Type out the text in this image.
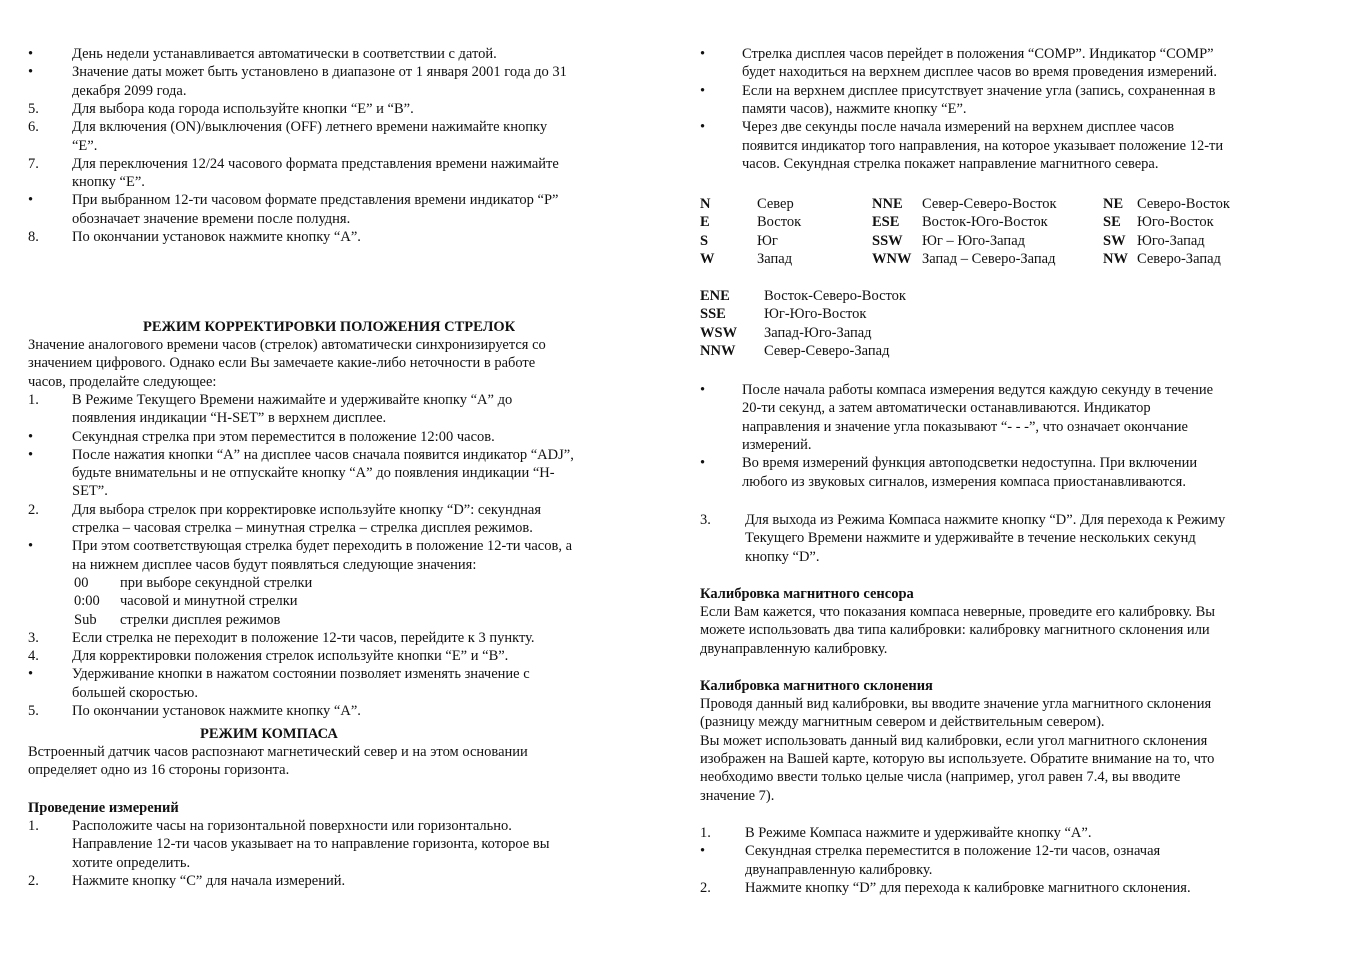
•	День недели устанавливается автоматически в соответствии с датой.
•	Значение даты может быть установлено в диапазоне от 1 января 2001 года до 31
декабря 2099 года.
5. Для выбора кода города используйте кнопки “E” и “B”.
6. Для включения (ON)/выключения (OFF) летнего времени нажимайте кнопку
“E”.
7. Для переключения 12/24 часового формата представления времени нажимайте
кнопку “E”.
•	При выбранном 12-ти часовом формате представления времени индикатор “P”
обозначает значение времени после полудня.
8. По окончании установок нажмите кнопку “A”.
РЕЖИМ КОРРЕКТИРОВКИ ПОЛОЖЕНИЯ СТРЕЛОК
Значение аналогового времени часов (стрелок) автоматически синхронизируется со
значением цифрового. Однако если Вы замечаете какие-либо неточности в работе
часов, проделайте следующее:
1. В Режиме Текущего Времени нажимайте и удерживайте кнопку “A” до
появления индикации “H-SET” в верхнем дисплее.
•	Секундная стрелка при этом переместится в положение 12:00 часов.
•	После нажатия кнопки “A” на дисплее часов сначала появится индикатор “ADJ”,
будьте внимательны и не отпускайте кнопку “A” до появления индикации “H-
SET”.
2. Для выбора стрелок при корректировке используйте кнопку “D”: секундная
стрелка – часовая стрелка – минутная стрелка – стрелка дисплея режимов.
•	При этом соответствующая стрелка будет переходить в положение 12-ти часов, а
на нижнем дисплее часов будут появляться следующие значения:
00 при выборе секундной стрелки
0:00 часовой и минутной стрелки
Sub стрелки дисплея режимов
3. Если стрелка не переходит в положение 12-ти часов, перейдите к 3 пункту.
4. Для корректировки положения стрелок используйте кнопки “E” и “B”.
•	Удерживание кнопки в нажатом состоянии позволяет изменять значение с
большей скоростью.
5. По окончании установок нажмите кнопку “A”.
РЕЖИМ КОМПАСА
Встроенный датчик часов распознают магнетический север и на этом основании
определяет одно из 16 стороны горизонта.
Проведение измерений
1. Расположите часы на горизонтальной поверхности или горизонтально.
Направление 12-ти часов указывает на то направление горизонта, которое вы
хотите определить.
2. Нажмите кнопку “C” для начала измерений.
•	Стрелка дисплея часов перейдет в положения “COMP”. Индикатор “COMP”
будет находиться на верхнем дисплее часов во время проведения измерений.
•	Если на верхнем дисплее присутствует значение угла (запись, сохраненная в
памяти часов), нажмите кнопку “E”.
•	Через две секунды после начала измерений на верхнем дисплее часов
появится индикатор того направления, на которое указывает положение 12-ти
часов. Секундная стрелка покажет направление магнитного севера.
N	Север	NNE Север-Северо-Восток	NE Северо-Восток
E	Восток	ESE Восток-Юго-Восток	SE Юго-Восток
S	Юг	SSW Юг – Юго-Запад	SW Юго-Запад
W	Запад	WNW Запад – Северо-Запад	NW Северо-Запад
ENE Восток-Северо-Восток
SSE	Юг-Юго-Восток
WSW Запад-Юго-Запад
NNW Север-Северо-Запад
•	После начала работы компаса измерения ведутся каждую секунду в течение
20-ти секунд, а затем автоматически останавливаются. Индикатор
направления и значение угла показывают “- - -”, что означает окончание
измерений.
•	Во время измерений функция автоподсветки недоступна. При включении
любого из звуковых сигналов, измерения компаса приостанавливаются.
3. Для выхода из Режима Компаса нажмите кнопку “D”. Для перехода к Режиму
Текущего Времени нажмите и удерживайте в течение нескольких секунд
кнопку “D”.
Калибровка магнитного сенсора
Если Вам кажется, что показания компаса неверные, проведите его калибровку. Вы
можете использовать два типа калибровки: калибровку магнитного склонения или
двунаправленную калибровку.
Калибровка магнитного склонения
Проводя данный вид калибровки, вы вводите значение угла магнитного склонения
(разницу между магнитным севером и действительным севером).
Вы может использовать данный вид калибровки, если угол магнитного склонения
изображен на Вашей карте, которую вы используете. Обратите внимание на то, что
необходимо ввести только целые числа (например, угол равен 7.4, вы вводите
значение 7).
1. В Режиме Компаса нажмите и удерживайте кнопку “A”.
•	Секундная стрелка переместится в положение 12-ти часов, означая
двунаправленную калибровку.
2. Нажмите кнопку “D” для перехода к калибровке магнитного склонения.
